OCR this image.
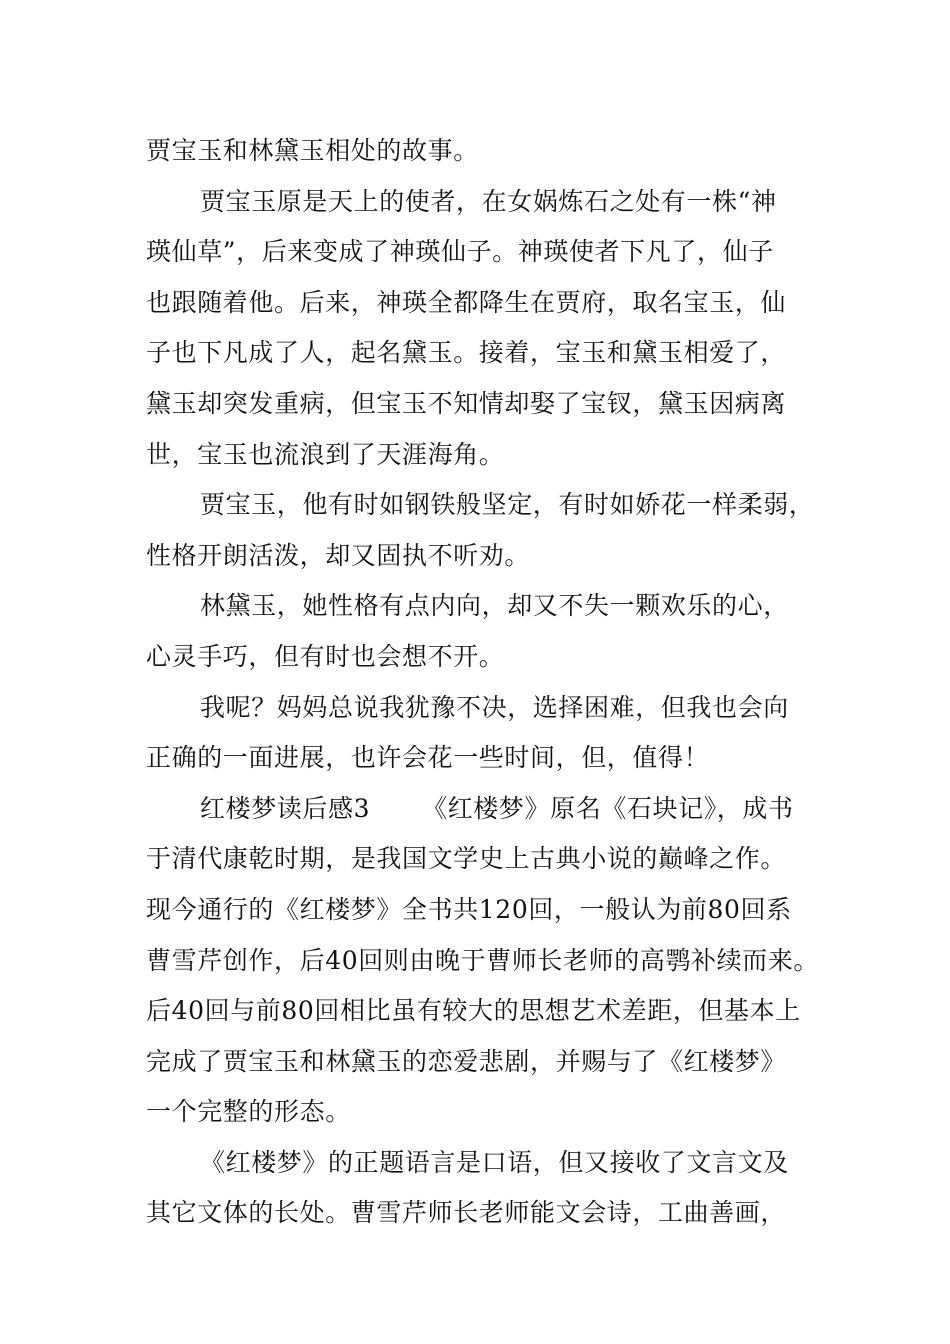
贾宝玉和林黛玉相处的故事。
贾宝玉原是天上的使者，在女娲炼石之处有一株“神
瑛仙草”，后来变成了神瑛仙子。神瑛使者下凡了，仙子
也跟随着他。后来，神瑛全都降生在贾府，取名宝玉，仙
子也下凡成了人，起名黛玉。接着，宝玉和黛玉相爱了，
黛玉却突发重病，但宝玉不知情却娶了宝钗，黛玉因病离
世，宝玉也流浪到了天涯海角。
贾宝玉，他有时如钢铁般坚定，有时如娇花一样柔弱，
性格开朗活泼，却又固执不听劝。
林黛玉，她性格有点内向，却又不失一颗欢乐的心，
心灵手巧，但有时也会想不开。
我呢？妈妈总说我犹豫不决，选择困难，但我也会向
正确的一面进展，也许会花一些时间，但，值得！
红楼梦读后感3 《红楼梦》原名《石块记》，成书
于清代康乾时期，是我国文学史上古典小说的巅峰之作。
现今通行的《红楼梦》全书共120回，一般认为前80回系
曹雪芹创作，后40回则由晚于曹师长老师的高鹗补续而来。
后40回与前80回相比虽有较大的思想艺术差距，但基本上
完成了贾宝玉和林黛玉的恋爱悲剧，并赐与了《红楼梦》
一个完整的形态。
《红楼梦》的正题语言是口语，但又接收了文言文及
其它文体的长处。曹雪芹师长老师能文会诗，工曲善画，
